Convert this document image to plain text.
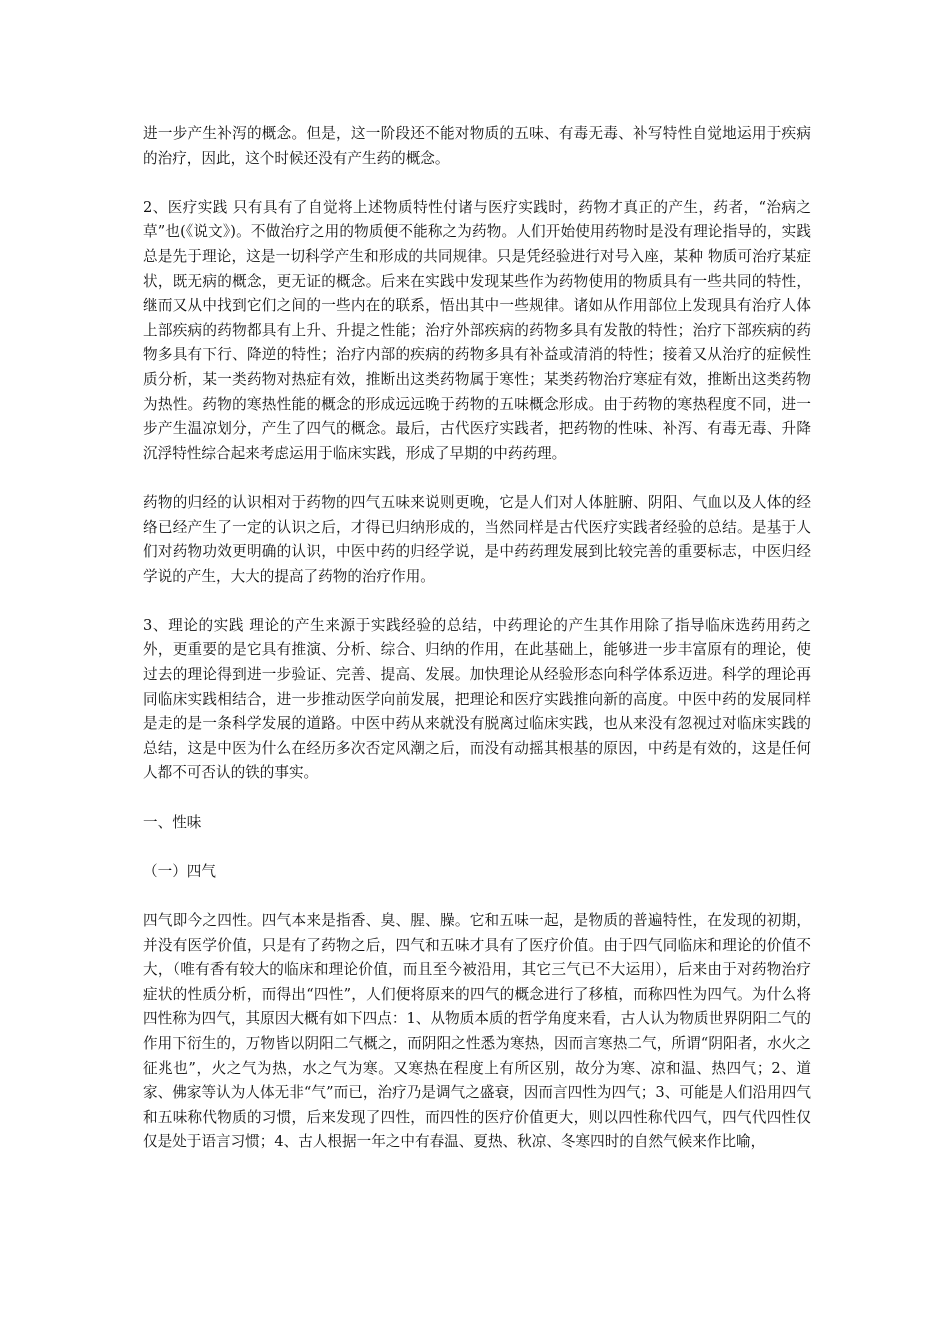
进一步产生补泻的概念。但是，这一阶段还不能对物质的五味、有毒无毒、补写特性自觉地运用于疾病的治疗，因此，这个时候还没有产生药的概念。

2、医疗实践 只有具有了自觉将上述物质特性付诸与医疗实践时，药物才真正的产生，药者，“治病之草”也(《说文》)。不做治疗之用的物质便不能称之为药物。人们开始使用药物时是没有理论指导的，实践总是先于理论，这是一切科学产生和形成的共同规律。只是凭经验进行对号入座，某种 物质可治疗某症状，既无病的概念，更无证的概念。后来在实践中发现某些作为药物使用的物质具有一些共同的特性，继而又从中找到它们之间的一些内在的联系，悟出其中一些规律。诸如从作用部位上发现具有治疗人体上部疾病的药物都具有上升、升提之性能；治疗外部疾病的药物多具有发散的特性；治疗下部疾病的药物多具有下行、降逆的特性；治疗内部的疾病的药物多具有补益或清消的特性；接着又从治疗的症候性质分析，某一类药物对热症有效，推断出这类药物属于寒性；某类药物治疗寒症有效，推断出这类药物为热性。药物的寒热性能的概念的形成远远晚于药物的五味概念形成。由于药物的寒热程度不同，进一步产生温凉划分，产生了四气的概念。最后，古代医疗实践者，把药物的性味、补泻、有毒无毒、升降沉浮特性综合起来考虑运用于临床实践，形成了早期的中药药理。

药物的归经的认识相对于药物的四气五味来说则更晚，它是人们对人体脏腑、阴阳、气血以及人体的经络已经产生了一定的认识之后，才得已归纳形成的，当然同样是古代医疗实践者经验的总结。是基于人们对药物功效更明确的认识，中医中药的归经学说，是中药药理发展到比较完善的重要标志，中医归经学说的产生，大大的提高了药物的治疗作用。

3、理论的实践 理论的产生来源于实践经验的总结，中药理论的产生其作用除了指导临床选药用药之外，更重要的是它具有推演、分析、综合、归纳的作用，在此基础上，能够进一步丰富原有的理论，使过去的理论得到进一步验证、完善、提高、发展。加快理论从经验形态向科学体系迈进。科学的理论再同临床实践相结合，进一步推动医学向前发展，把理论和医疗实践推向新的高度。中医中药的发展同样是走的是一条科学发展的道路。中医中药从来就没有脱离过临床实践，也从来没有忽视过对临床实践的总结，这是中医为什么在经历多次否定风潮之后，而没有动摇其根基的原因，中药是有效的，这是任何人都不可否认的铁的事实。

一、性味

（一）四气

四气即今之四性。四气本来是指香、臭、腥、臊。它和五味一起，是物质的普遍特性，在发现的初期，并没有医学价值，只是有了药物之后，四气和五味才具有了医疗价值。由于四气同临床和理论的价值不大，（唯有香有较大的临床和理论价值，而且至今被沿用，其它三气已不大运用），后来由于对药物治疗症状的性质分析，而得出“四性”，人们便将原来的四气的概念进行了移植，而称四性为四气。为什么将四性称为四气，其原因大概有如下四点：1、从物质本质的哲学角度来看，古人认为物质世界阴阳二气的作用下衍生的，万物皆以阴阳二气概之，而阴阳之性悉为寒热，因而言寒热二气，所谓“阴阳者，水火之征兆也”，火之气为热，水之气为寒。又寒热在程度上有所区别，故分为寒、凉和温、热四气；2、道家、佛家等认为人体无非“气”而已，治疗乃是调气之盛衰，因而言四性为四气；3、可能是人们沿用四气和五味称代物质的习惯，后来发现了四性，而四性的医疗价值更大，则以四性称代四气，四气代四性仅仅是处于语言习惯；4、古人根据一年之中有春温、夏热、秋凉、冬寒四时的自然气候来作比喻，
